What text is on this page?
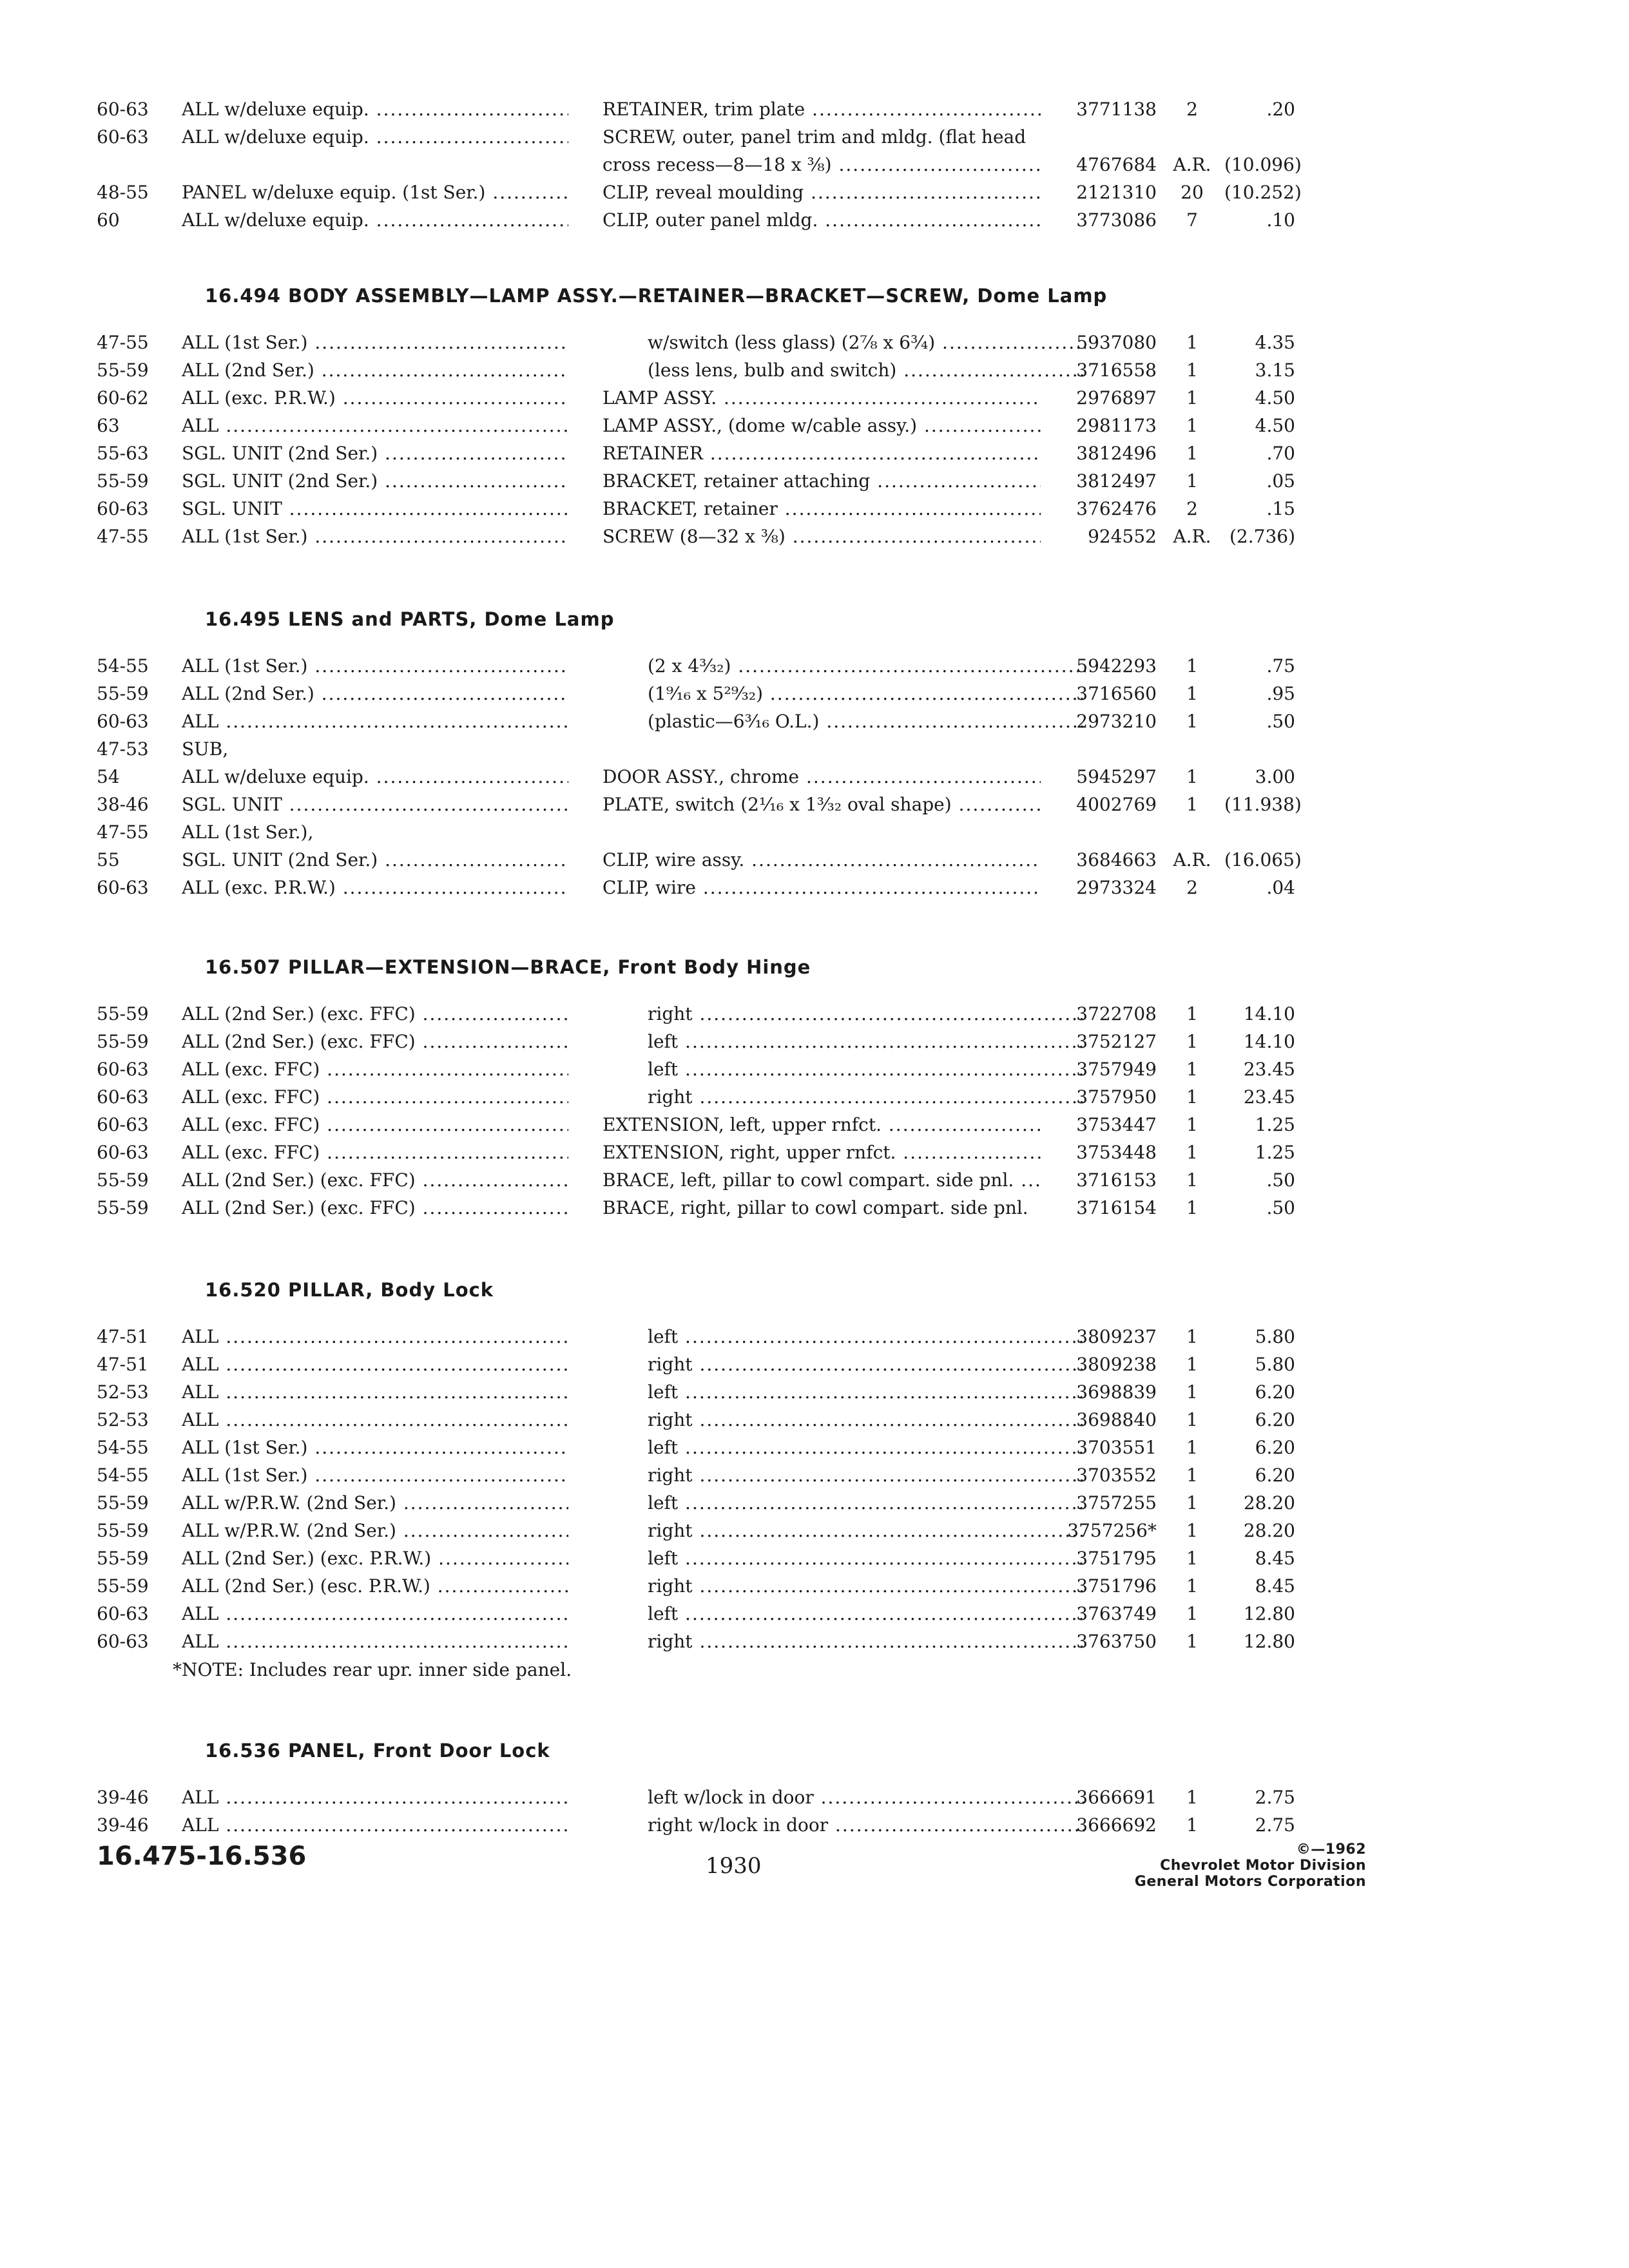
60-63	ALL w/deluxe equip. .....	RETAINER, trim plate .....	3771138	2	.20
60-63	ALL w/deluxe equip. .....	SCREW, outer, panel trim and mldg. (flat head
cross recess—8—18 x ⅜) .....	4767684 A.R. (10.096)
48-55	PANEL w/deluxe equip. (1st Ser.) .....	CLIP, reveal moulding .....	2121310	20	(10.252)
60	ALL w/deluxe equip. .....	CLIP, outer panel mldg. .....	3773086	7	.10
16.494 BODY ASSEMBLY—LAMP ASSY.—RETAINER—BRACKET—SCREW, Dome Lamp
47-55	ALL (1st Ser.) .....	w/switch (less glass) (2⅞ x 6¾) .....	5937080	1	4.35
55-59	ALL (2nd Ser.) .....	(less lens, bulb and switch) .....	3716558	1	3.15
60-62	ALL (exc. P.R.W.) .....	LAMP ASSY. .....	2976897	1	4.50
63	ALL .....	LAMP ASSY., (dome w/cable assy.) .....	2981173	1	4.50
55-63	SGL. UNIT (2nd Ser.) .....	RETAINER .....	3812496	1	.70
55-59	SGL. UNIT (2nd Ser.) .....	BRACKET, retainer attaching .....	3812497	1	.05
60-63	SGL. UNIT .....	BRACKET, retainer .....	3762476	2	.15
47-55	ALL (1st Ser.) .....	SCREW (8—32 x ⅜) .....	924552 A.R.	(2.736)
16.495 LENS and PARTS, Dome Lamp
54-55	ALL (1st Ser.) .....	(2 x 4³⁄₃₂) .....	5942293	1	.75
55-59	ALL (2nd Ser.) .....	(1⁹⁄₁₆ x 5²⁹⁄₃₂) .....	3716560	1	.95
60-63	ALL .....	(plastic—6³⁄₁₆ O.L.) .....	2973210	1	.50
47-53	SUB,
54	ALL w/deluxe equip. .....	DOOR ASSY., chrome .....	5945297	1	3.00
38-46	SGL. UNIT .....	PLATE, switch (2¹⁄₁₆ x 1³⁄₃₂ oval shape) .....	4002769	1	(11.938)
47-55	ALL (1st Ser.),
55	SGL. UNIT (2nd Ser.) .....	CLIP, wire assy. .....	3684663 A.R. (16.065)
60-63	ALL (exc. P.R.W.) .....	CLIP, wire .....	2973324	2	.04
16.507 PILLAR—EXTENSION—BRACE, Front Body Hinge
55-59	ALL (2nd Ser.) (exc. FFC) .....	right .....	3722708	1	14.10
55-59	ALL (2nd Ser.) (exc. FFC) .....	left .....	3752127	1	14.10
60-63	ALL (exc. FFC) .....	left .....	3757949	1	23.45
60-63	ALL (exc. FFC) .....	right .....	3757950	1	23.45
60-63	ALL (exc. FFC) .....	EXTENSION, left, upper rnfct. .....	3753447	1	1.25
60-63	ALL (exc. FFC) .....	EXTENSION, right, upper rnfct. .....	3753448	1	1.25
55-59	ALL (2nd Ser.) (exc. FFC) .....	BRACE, left, pillar to cowl compart. side pnl. .....	3716153	1	.50
55-59	ALL (2nd Ser.) (exc. FFC) .....	BRACE, right, pillar to cowl compart. side pnl.	3716154	1	.50
16.520 PILLAR, Body Lock
47-51	ALL .....	left .....	3809237	1	5.80
47-51	ALL .....	right .....	3809238	1	5.80
52-53	ALL .....	left .....	3698839	1	6.20
52-53	ALL .....	right .....	3698840	1	6.20
54-55	ALL (1st Ser.) .....	left .....	3703551	1	6.20
54-55	ALL (1st Ser.) .....	right .....	3703552	1	6.20
55-59	ALL w/P.R.W. (2nd Ser.) .....	left .....	3757255	1	28.20
55-59	ALL w/P.R.W. (2nd Ser.) .....	right .....	3757256*	1	28.20
55-59	ALL (2nd Ser.) (exc. P.R.W.) .....	left .....	3751795	1	8.45
55-59	ALL (2nd Ser.) (esc. P.R.W.) .....	right .....	3751796	1	8.45
60-63	ALL .....	left .....	3763749	1	12.80
60-63	ALL .....	right .....	3763750	1	12.80
*NOTE: Includes rear upr. inner side panel.
16.536 PANEL, Front Door Lock
39-46	ALL .....	left w/lock in door .....	3666691	1	2.75
39-46	ALL .....	right w/lock in door .....	3666692	1	2.75
16.475-16.536	1930
©—1962
Chevrolet Motor Division
General Motors Corporation
